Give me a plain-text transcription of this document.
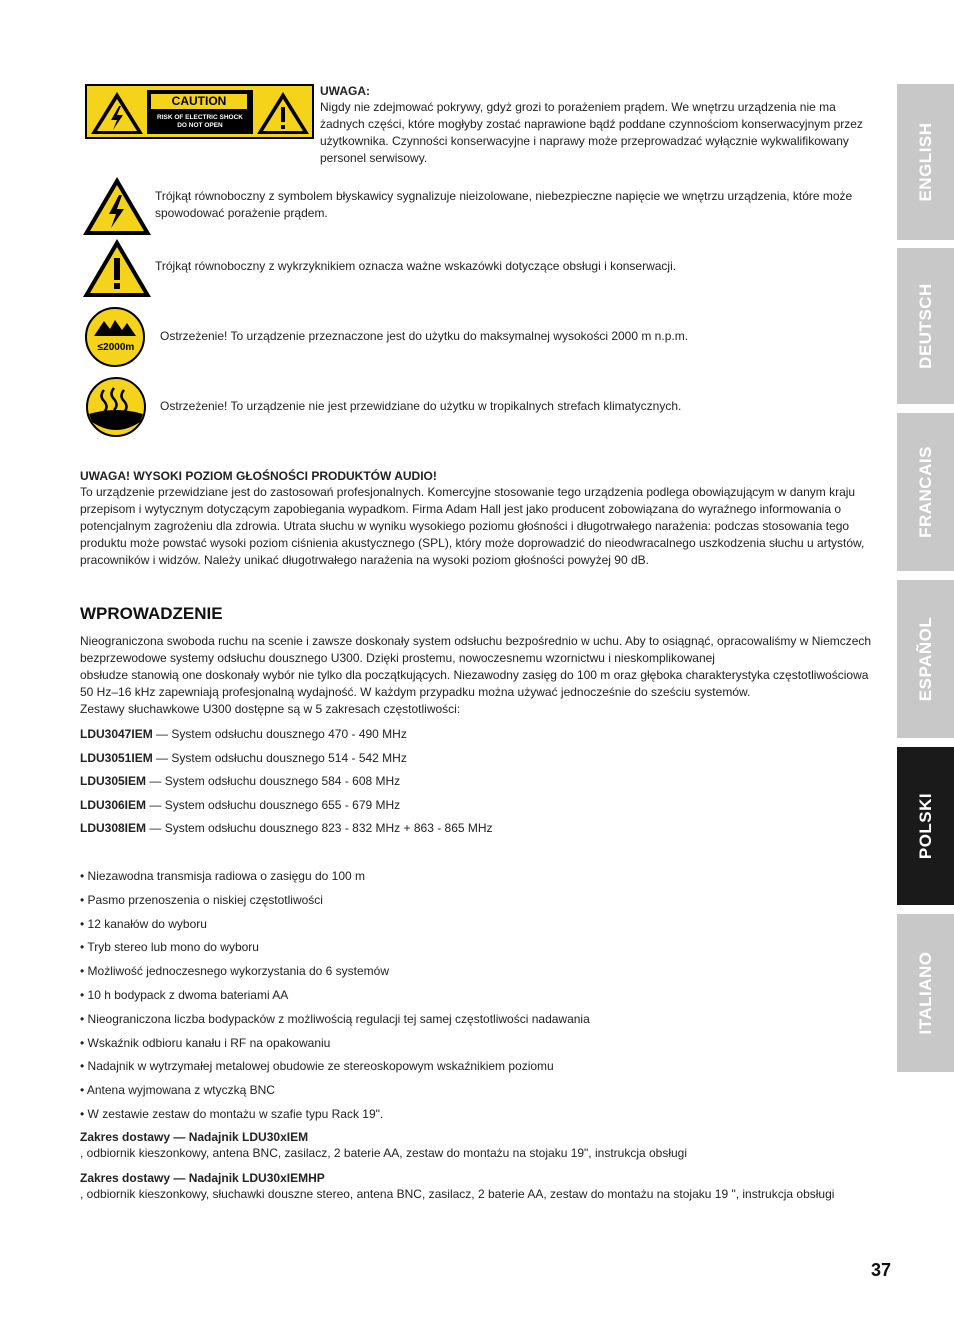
CAUTION
RISK OF ELECTRIC SHOCK
DO NOT OPEN
UWAGA:
Nigdy nie zdejmować pokrywy, gdyż grozi to porażeniem prądem. We wnętrzu urządzenia nie ma żadnych części, które mogłyby zostać naprawione bądź poddane czynnościom konserwacyjnym przez użytkownika. Czynności konserwacyjne i naprawy może przeprowadzać wyłącznie wykwalifikowany personel serwisowy.
Trójkąt równoboczny z symbolem błyskawicy sygnalizuje nieizolowane, niebezpieczne napięcie we wnętrzu urządzenia, które może spowodować porażenie prądem.
Trójkąt równoboczny z wykrzyknikiem oznacza ważne wskazówki dotyczące obsługi i konserwacji.
≤2000m
Ostrzeżenie! To urządzenie przeznaczone jest do użytku do maksymalnej wysokości 2000 m n.p.m.
Ostrzeżenie! To urządzenie nie jest przewidziane do użytku w tropikalnych strefach klimatycznych.
UWAGA! WYSOKI POZIOM GŁOŚNOŚCI PRODUKTÓW AUDIO!
To urządzenie przewidziane jest do zastosowań profesjonalnych. Komercyjne stosowanie tego urządzenia podlega obowiązującym w danym kraju przepisom i wytycznym dotyczącym zapobiegania wypadkom. Firma Adam Hall jest jako producent zobowiązana do wyraźnego informowania o potencjalnym zagrożeniu dla zdrowia. Utrata słuchu w wyniku wysokiego poziomu głośności i długotrwałego narażenia: podczas stosowania tego produktu może powstać wysoki poziom ciśnienia akustycznego (SPL), który może doprowadzić do nieodwracalnego uszkodzenia słuchu u artystów, pracowników i widzów. Należy unikać długotrwałego narażenia na wysoki poziom głośności powyżej 90 dB.
WPROWADZENIE
Nieograniczona swoboda ruchu na scenie i zawsze doskonały system odsłuchu bezpośrednio w uchu. Aby to osiągnąć, opracowaliśmy w Niemczech
bezprzewodowe systemy odsłuchu dousznego U300. Dzięki prostemu, nowoczesnemu wzornictwu i nieskomplikowanej
obsłudze stanowią one doskonały wybór nie tylko dla początkujących. Niezawodny zasięg do 100 m oraz głęboka charakterystyka częstotliwościowa
50 Hz–16 kHz zapewniają profesjonalną wydajność. W każdym przypadku można używać jednocześnie do sześciu systemów.
Zestawy słuchawkowe U300 dostępne są w 5 zakresach częstotliwości:
LDU3047IEM — System odsłuchu dousznego 470 - 490 MHz
LDU3051IEM — System odsłuchu dousznego 514 - 542 MHz
LDU305IEM — System odsłuchu dousznego 584 - 608 MHz
LDU306IEM — System odsłuchu dousznego 655 - 679 MHz
LDU308IEM — System odsłuchu dousznego 823 - 832 MHz + 863 - 865 MHz
• Niezawodna transmisja radiowa o zasięgu do 100 m
• Pasmo przenoszenia o niskiej częstotliwości
• 12 kanałów do wyboru
• Tryb stereo lub mono do wyboru
• Możliwość jednoczesnego wykorzystania do 6 systemów
• 10 h bodypack z dwoma bateriami AA
• Nieograniczona liczba bodypacków z możliwością regulacji tej samej częstotliwości nadawania
• Wskaźnik odbioru kanału i RF na opakowaniu
• Nadajnik w wytrzymałej metalowej obudowie ze stereoskopowym wskaźnikiem poziomu
• Antena wyjmowana z wtyczką BNC
• W zestawie zestaw do montażu w szafie typu Rack 19".
Zakres dostawy — Nadajnik LDU30xIEM
, odbiornik kieszonkowy, antena BNC, zasilacz, 2 baterie AA, zestaw do montażu na stojaku 19", instrukcja obsługi
Zakres dostawy — Nadajnik LDU30xIEMHP
, odbiornik kieszonkowy, słuchawki douszne stereo, antena BNC, zasilacz, 2 baterie AA, zestaw do montażu na stojaku 19 ", instrukcja obsługi
ENGLISH
DEUTSCH
FRANCAIS
ESPAÑOL
POLSKI
ITALIANO
37
